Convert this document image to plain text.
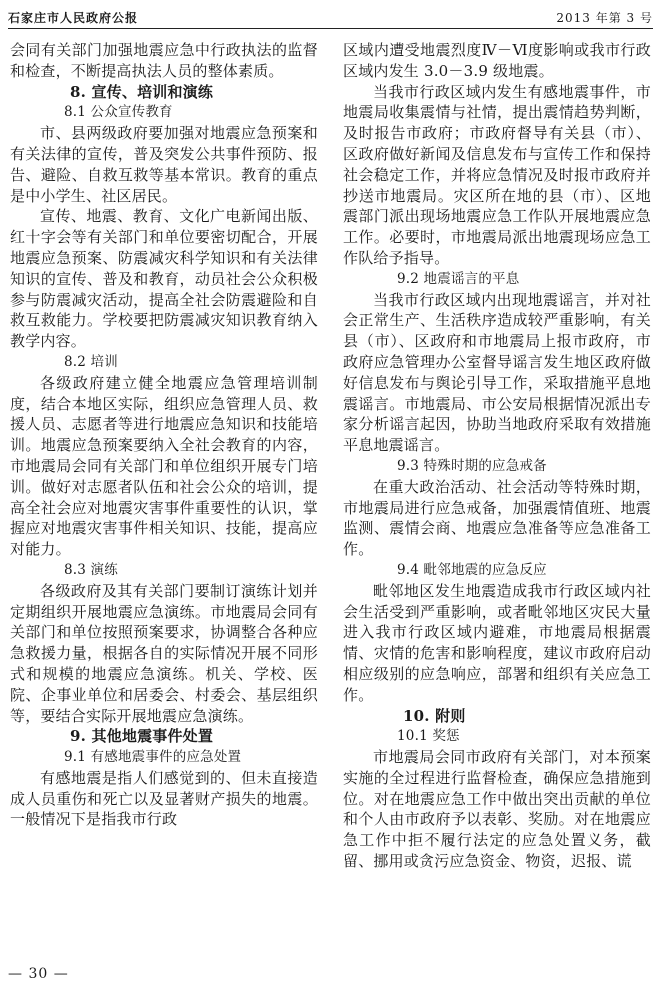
石家庄市人民政府公报	2013 年第 3 号

会同有关部门加强地震应急中行政执法的监督和检查，不断提高执法人员的整体素质。

8. 宣传、培训和演练

8.1 公众宣传教育

市、县两级政府要加强对地震应急预案和有关法律的宣传，普及突发公共事件预防、报告、避险、自救互救等基本常识。教育的重点是中小学生、社区居民。

宣传、地震、教育、文化广电新闻出版、红十字会等有关部门和单位要密切配合，开展地震应急预案、防震减灾科学知识和有关法律知识的宣传、普及和教育，动员社会公众积极参与防震减灾活动，提高全社会防震避险和自救互救能力。学校要把防震减灾知识教育纳入教学内容。

8.2 培训

各级政府建立健全地震应急管理培训制度，结合本地区实际，组织应急管理人员、救援人员、志愿者等进行地震应急知识和技能培训。地震应急预案要纳入全社会教育的内容，市地震局会同有关部门和单位组织开展专门培训。做好对志愿者队伍和社会公众的培训，提高全社会应对地震灾害事件重要性的认识，掌握应对地震灾害事件相关知识、技能，提高应对能力。

8.3 演练

各级政府及其有关部门要制订演练计划并定期组织开展地震应急演练。市地震局会同有关部门和单位按照预案要求，协调整合各种应急救援力量，根据各自的实际情况开展不同形式和规模的地震应急演练。机关、学校、医院、企事业单位和居委会、村委会、基层组织等，要结合实际开展地震应急演练。

9. 其他地震事件处置

9.1 有感地震事件的应急处置

有感地震是指人们感觉到的、但未直接造成人员重伤和死亡以及显著财产损失的地震。一般情况下是指我市行政

区域内遭受地震烈度Ⅳ－Ⅵ度影响或我市行政区域内发生 3.0－3.9 级地震。

当我市行政区域内发生有感地震事件，市地震局收集震情与社情，提出震情趋势判断，及时报告市政府；市政府督导有关县（市）、区政府做好新闻及信息发布与宣传工作和保持社会稳定工作，并将应急情况及时报市政府并抄送市地震局。灾区所在地的县（市）、区地震部门派出现场地震应急工作队开展地震应急工作。必要时，市地震局派出地震现场应急工作队给予指导。

9.2 地震谣言的平息

当我市行政区域内出现地震谣言，并对社会正常生产、生活秩序造成较严重影响，有关县（市）、区政府和市地震局上报市政府，市政府应急管理办公室督导谣言发生地区政府做好信息发布与舆论引导工作，采取措施平息地震谣言。市地震局、市公安局根据情况派出专家分析谣言起因，协助当地政府采取有效措施平息地震谣言。

9.3 特殊时期的应急戒备

在重大政治活动、社会活动等特殊时期，市地震局进行应急戒备，加强震情值班、地震监测、震情会商、地震应急准备等应急准备工作。

9.4 毗邻地震的应急反应

毗邻地区发生地震造成我市行政区域内社会生活受到严重影响，或者毗邻地区灾民大量进入我市行政区域内避难，市地震局根据震情、灾情的危害和影响程度，建议市政府启动相应级别的应急响应，部署和组织有关应急工作。

10. 附则

10.1 奖惩

市地震局会同市政府有关部门，对本预案实施的全过程进行监督检查，确保应急措施到位。对在地震应急工作中做出突出贡献的单位和个人由市政府予以表彰、奖励。对在地震应急工作中拒不履行法定的应急处置义务，截留、挪用或贪污应急资金、物资，迟报、谎

— 30 —
